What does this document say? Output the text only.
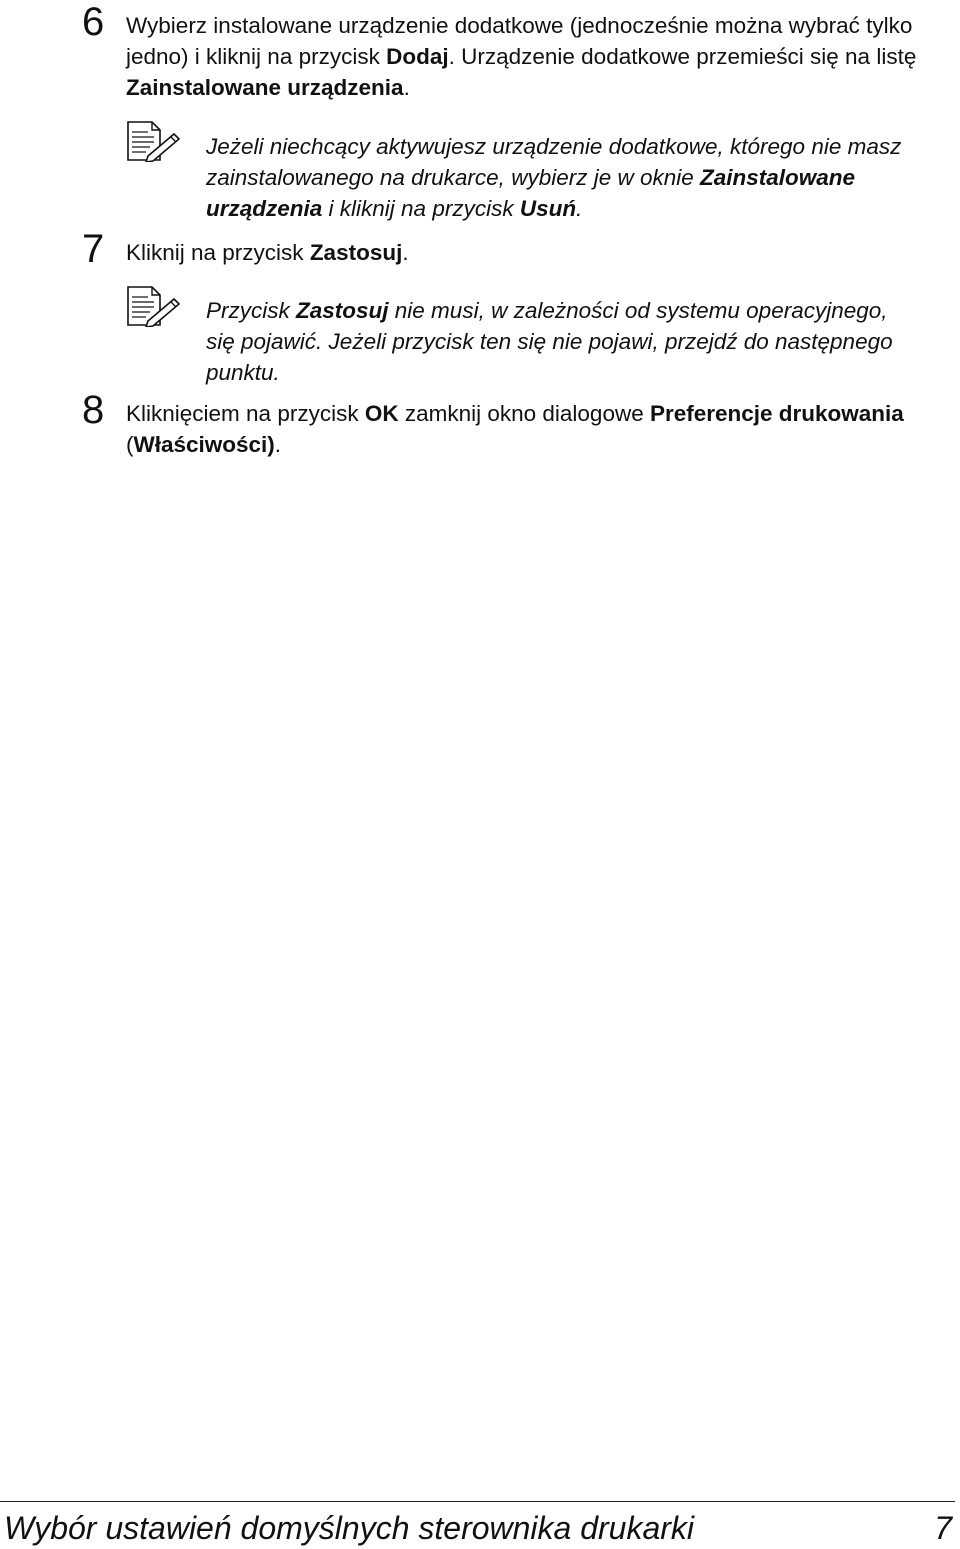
6 Wybierz instalowane urządzenie dodatkowe (jednocześnie można wybrać tylko jedno) i kliknij na przycisk Dodaj. Urządzenie dodatkowe przemieści się na listę Zainstalowane urządzenia.
Jeżeli niechcący aktywujesz urządzenie dodatkowe, którego nie masz zainstalowanego na drukarce, wybierz je w oknie Zainstalowane urządzenia i kliknij na przycisk Usuń.
7 Kliknij na przycisk Zastosuj.
Przycisk Zastosuj nie musi, w zależności od systemu operacyjnego, się pojawić. Jeżeli przycisk ten się nie pojawi, przejdź do następnego punktu.
8 Kliknięciem na przycisk OK zamknij okno dialogowe Preferencje drukowania (Właściwości).
Wybór ustawień domyślnych sterownika drukarki	7
